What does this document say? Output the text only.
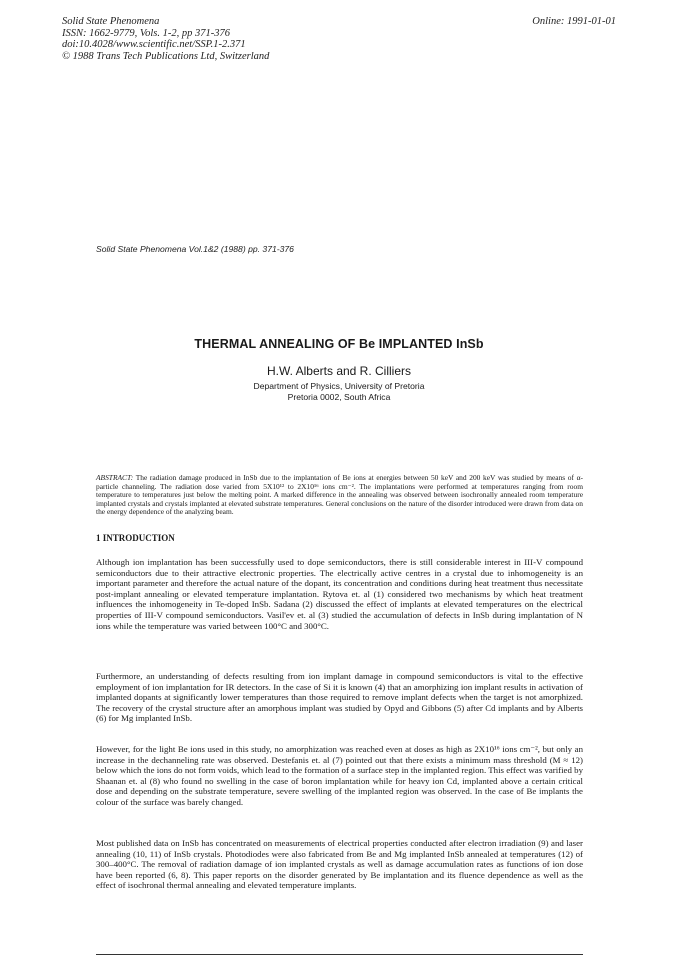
Solid State Phenomena
ISSN: 1662-9779, Vols. 1-2, pp 371-376
doi:10.4028/www.scientific.net/SSP.1-2.371
© 1988 Trans Tech Publications Ltd, Switzerland
Online: 1991-01-01
Solid State Phenomena Vol.1&2 (1988) pp. 371-376
THERMAL ANNEALING OF Be IMPLANTED InSb
H.W. Alberts and R. Cilliers
Department of Physics, University of Pretoria
Pretoria 0002, South Africa
ABSTRACT: The radiation damage produced in InSb due to the implantation of Be ions at energies between 50 keV and 200 keV was studied by means of α-particle channeling. The radiation dose varied from 5X10¹² to 2X10¹⁶ ions cm⁻². The implantations were performed at temperatures ranging from room temperature to temperatures just below the melting point. A marked difference in the annealing was observed between isochronally annealed room temperature implanted crystals and crystals implanted at elevated substrate temperatures. General conclusions on the nature of the disorder introduced were drawn from data on the energy dependence of the analyzing beam.
1 INTRODUCTION

Although ion implantation has been successfully used to dope semiconductors, there is still considerable interest in III-V compound semiconductors due to their attractive electronic properties. The electrically active centres in a crystal due to inhomogeneity is an important parameter and therefore the actual nature of the dopant, its concentration and conditions during heat treatment thus necessitate post-implant annealing or elevated temperature implantation. Rytova et. al (1) considered two mechanisms by which heat treatment influences the inhomogeneity in Te-doped InSb. Sadana (2) discussed the effect of implants at elevated temperatures on the electrical properties of III-V compound semiconductors. Vasil'ev et. al (3) studied the accumulation of defects in InSb during implantation of N ions while the temperature was varied between 100°C and 300°C.

Furthermore, an understanding of defects resulting from ion implant damage in compound semiconductors is vital to the effective employment of ion implantation for IR detectors. In the case of Si it is known (4) that an amorphizing ion implant results in activation of implanted dopants at significantly lower temperatures than those required to remove implant defects when the target is not amorphized. The recovery of the crystal structure after an amorphous implant was studied by Opyd and Gibbons (5) after Cd implants and by Alberts (6) for Mg implanted InSb.

However, for the light Be ions used in this study, no amorphization was reached even at doses as high as 2X10¹⁶ ions cm⁻², but only an increase in the dechanneling rate was observed. Destefanis et. al (7) pointed out that there exists a minimum mass threshold (M ≈ 12) below which the ions do not form voids, which lead to the formation of a surface step in the implanted region. This effect was varified by Shaanan et. al (8) who found no swelling in the case of boron implantation while for heavy ion Cd, implanted above a certain critical dose and depending on the substrate temperature, severe swelling of the implanted region was observed. In the case of Be implants the colour of the surface was barely changed.

Most published data on InSb has concentrated on measurements of electrical properties conducted after electron irradiation (9) and laser annealing (10, 11) of InSb crystals. Photodiodes were also fabricated from Be and Mg implanted InSb annealed at temperatures (12) of 300–400°C. The removal of radiation damage of ion implanted crystals as well as damage accumulation rates as functions of ion dose have been reported (6, 8). This paper reports on the disorder generated by Be implantation and its fluence dependence as well as the effect of isochronal thermal annealing and elevated temperature implants.
